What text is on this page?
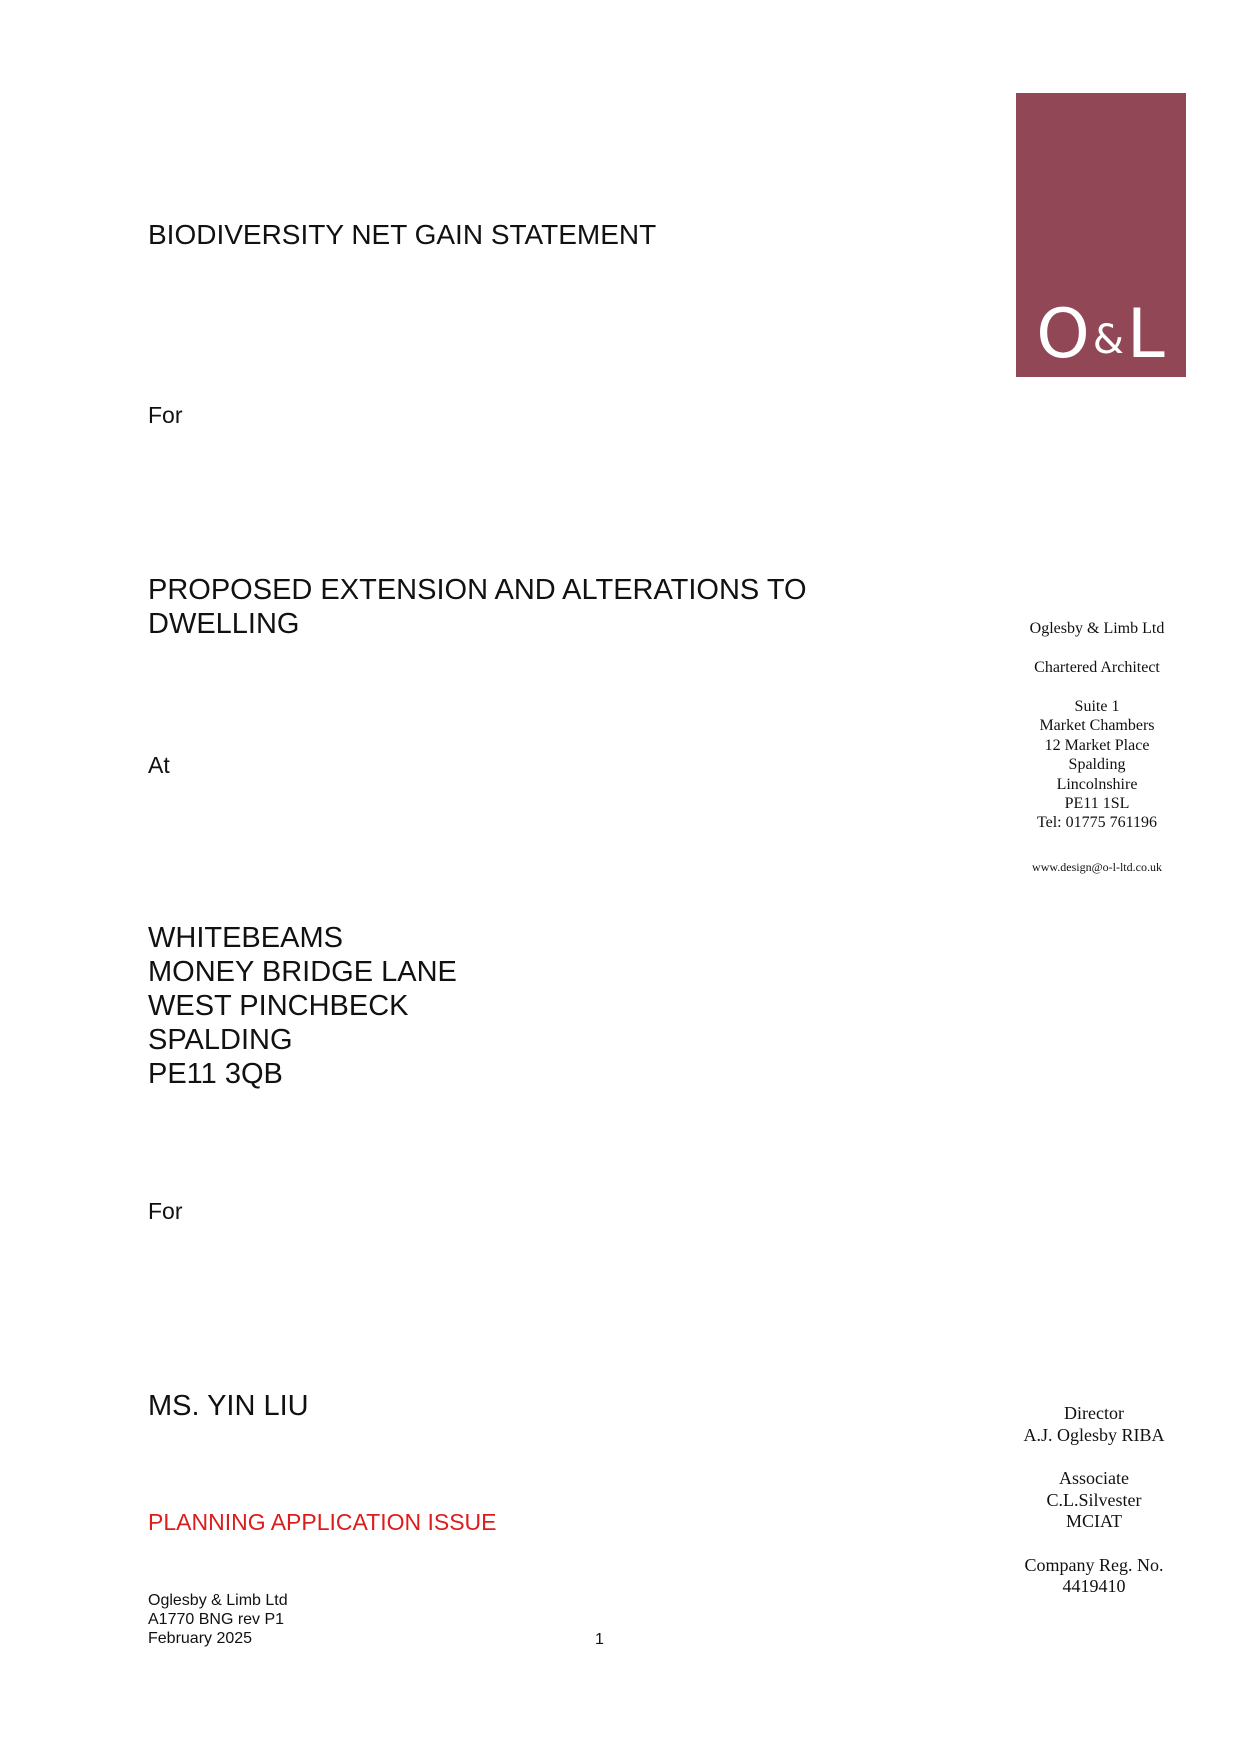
O&L
BIODIVERSITY NET GAIN STATEMENT
For
PROPOSED EXTENSION AND ALTERATIONS TO
DWELLING
At
WHITEBEAMS
MONEY BRIDGE LANE
WEST PINCHBECK
SPALDING
PE11 3QB
For
MS. YIN LIU
PLANNING APPLICATION ISSUE
Oglesby & Limb Ltd
A1770 BNG rev P1
February 2025	1
Oglesby & Limb Ltd
Chartered Architect
Suite 1
Market Chambers
12 Market Place
Spalding
Lincolnshire
PE11 1SL
Tel: 01775 761196
www.design@o-l-ltd.co.uk
Director
A.J. Oglesby RIBA
Associate
C.L.Silvester
MCIAT
Company Reg. No.
4419410
